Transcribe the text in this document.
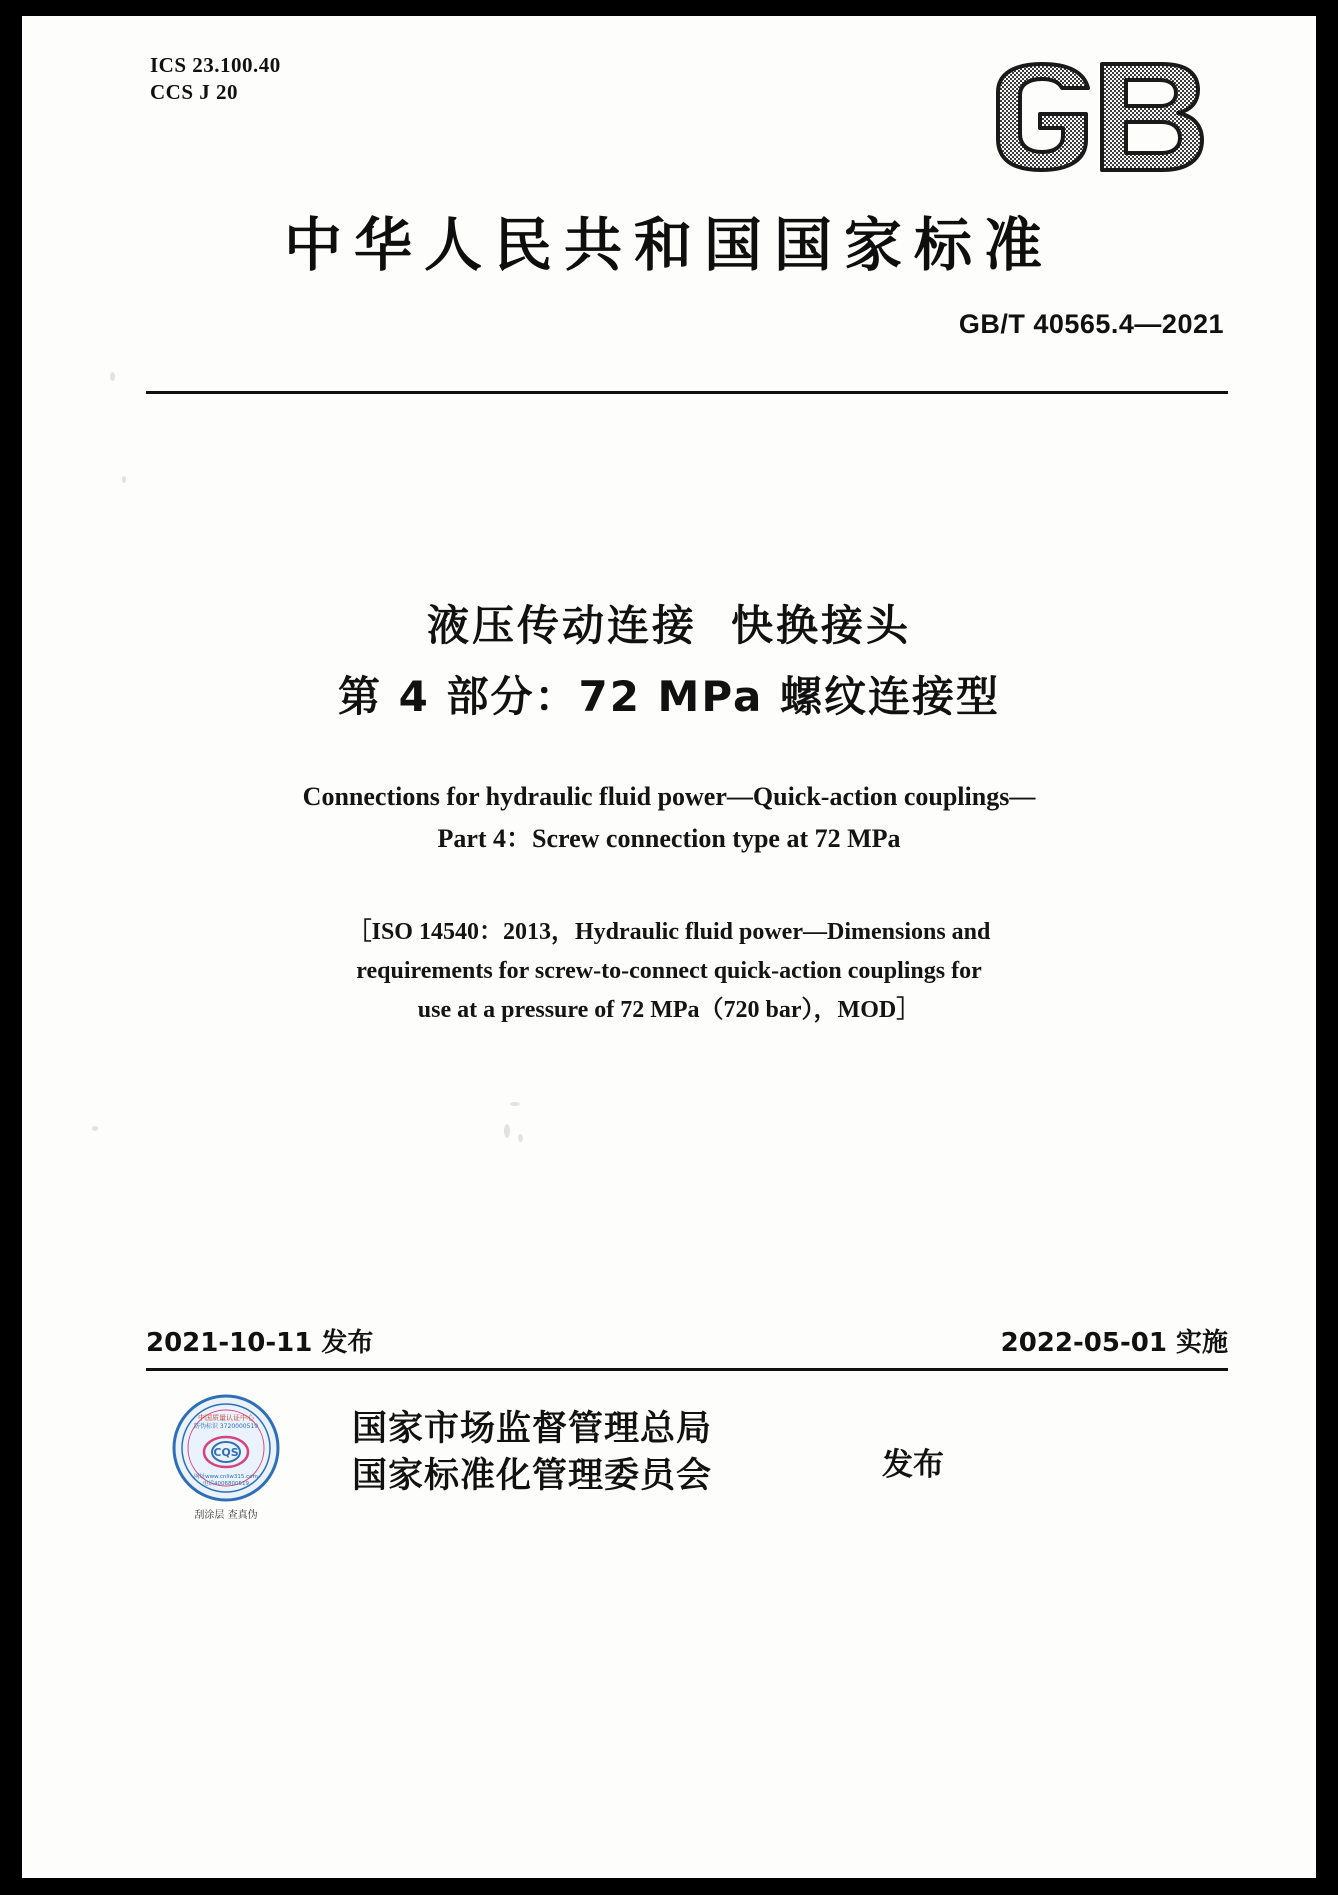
ICS 23.100.40
CCS J 20
中华人民共和国国家标准
GB/T 40565.4—2021
液压传动连接 快换接头
第 4 部分：72 MPa 螺纹连接型
Connections for hydraulic fluid power—Quick-action couplings—
Part 4：Screw connection type at 72 MPa
［ISO 14540：2013，Hydraulic fluid power—Dimensions and
requirements for screw-to-connect quick-action couplings for
use at a pressure of 72 MPa（720 bar），MOD］
2021-10-11 发布	2022-05-01 实施
中国质量认证中心
防伪标识 3720000519
CQS
网址www.cnliw315.com
电话4006800519
刮涂层 查真伪
国家市场监督管理总局
国家标准化管理委员会	发布
